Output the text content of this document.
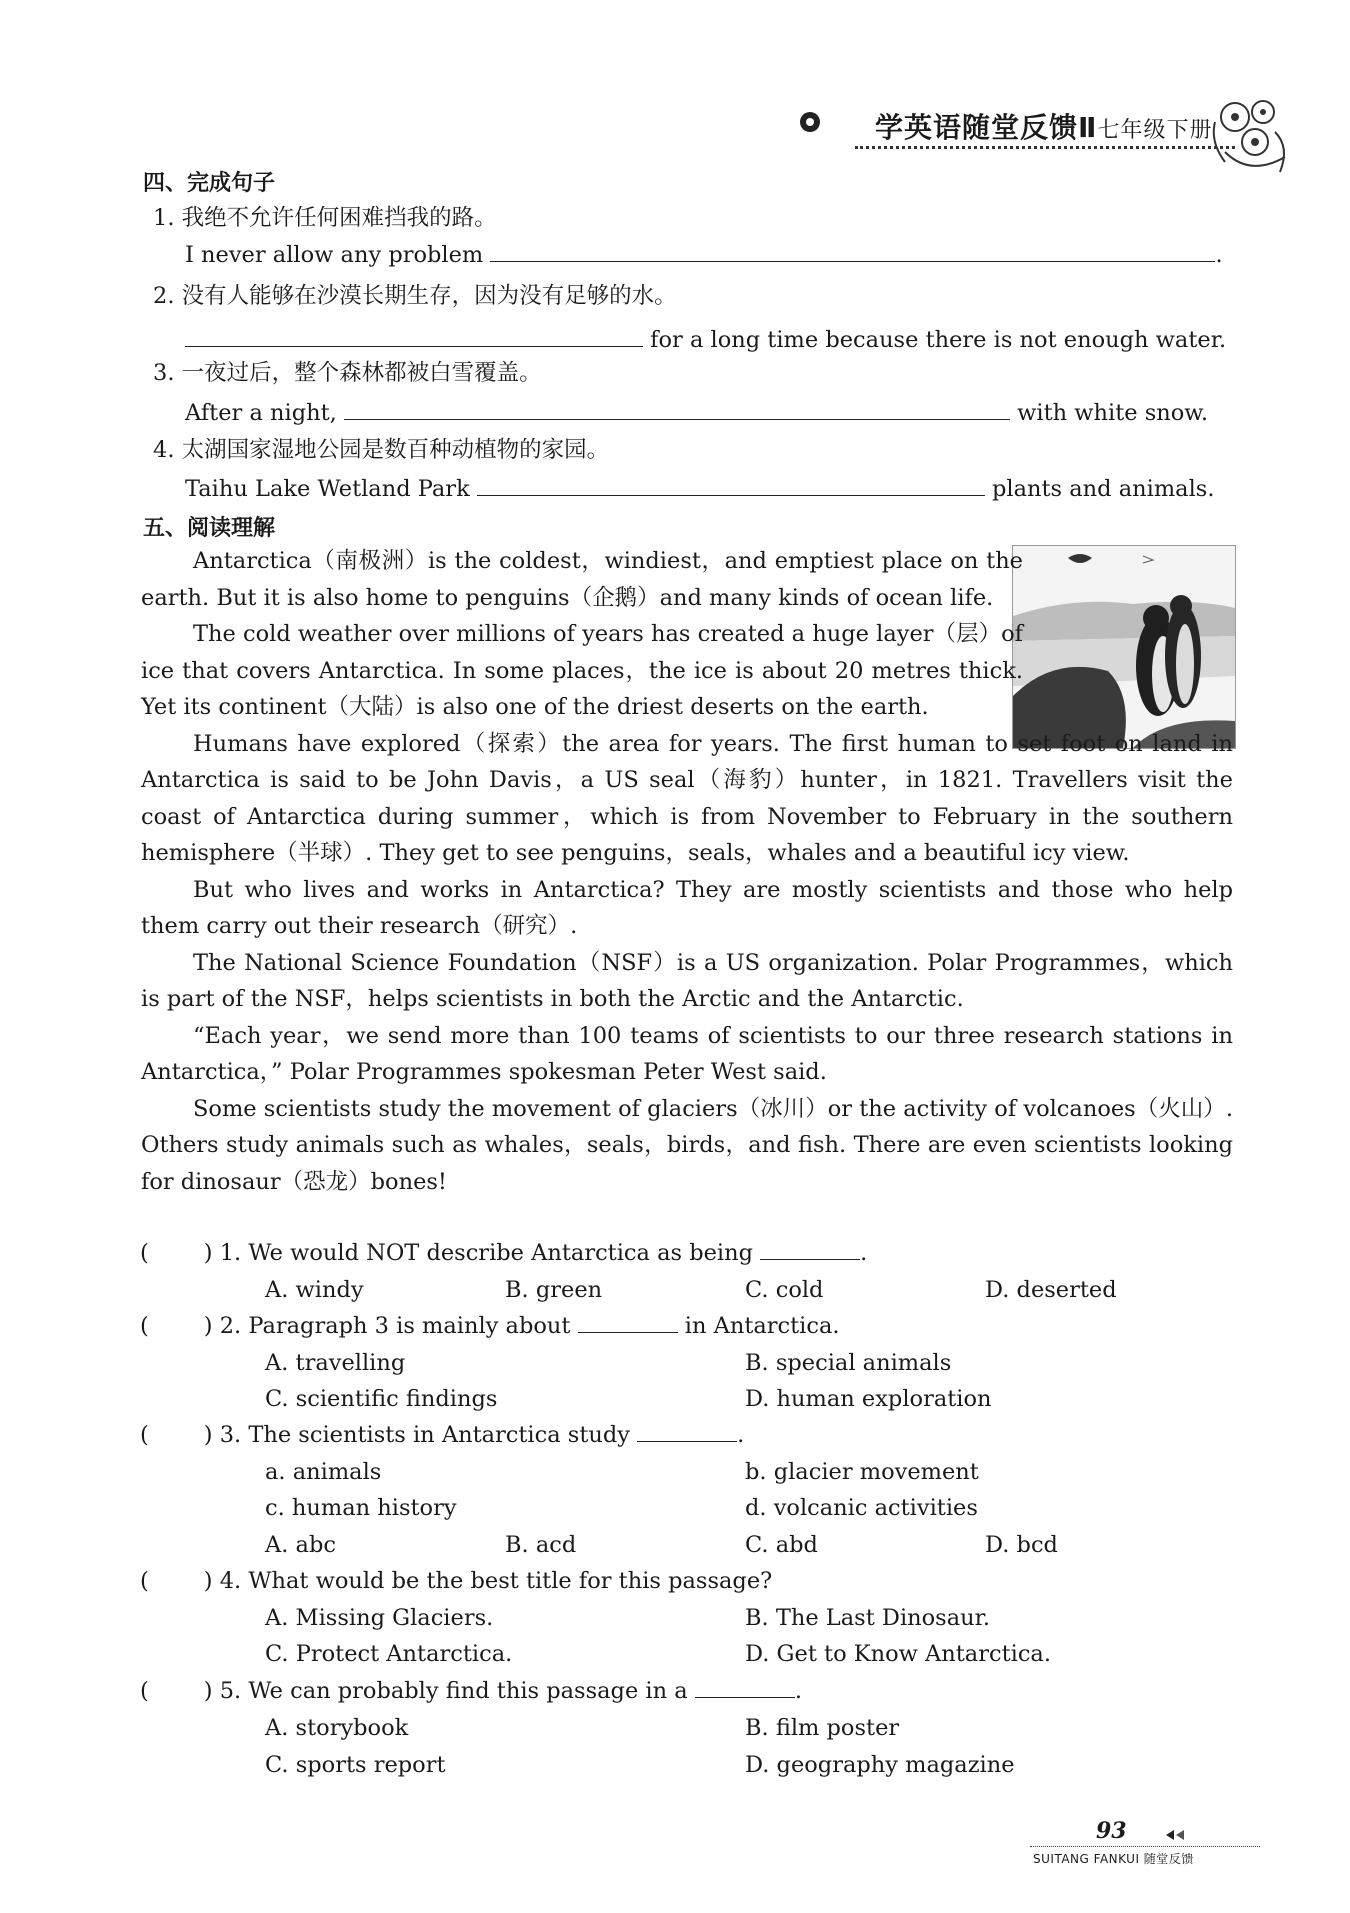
学英语随堂反馈Ⅱ七年级下册
四、完成句子
1. 我绝不允许任何困难挡我的路。
I never allow any problem	.
2. 没有人能够在沙漠长期生存，因为没有足够的水。
for a long time because there is not enough water.
3. 一夜过后，整个森林都被白雪覆盖。
After a night,	with white snow.
4. 太湖国家湿地公园是数百种动植物的家园。
Taihu Lake Wetland Park	plants and animals.
五、阅读理解

Antarctica（南极洲）is the coldest，windiest，and emptiest place on the earth. But it is also home to penguins（企鹅）and many kinds of ocean life.

The cold weather over millions of years has created a huge layer（层）of ice that covers Antarctica. In some places，the ice is about 20 metres thick. Yet its continent（大陆）is also one of the driest deserts on the earth.

Humans have explored（探索）the area for years. The first human to set foot on land in Antarctica is said to be John Davis，a US seal（海豹）hunter，in 1821. Travellers visit the coast of Antarctica during summer，which is from November to February in the southern hemisphere（半球）. They get to see penguins，seals，whales and a beautiful icy view.

But who lives and works in Antarctica? They are mostly scientists and those who help them carry out their research（研究）.

The National Science Foundation（NSF）is a US organization. Polar Programmes，which is part of the NSF，helps scientists in both the Arctic and the Antarctic.

“Each year，we send more than 100 teams of scientists to our three research stations in Antarctica，” Polar Programmes spokesman Peter West said.

Some scientists study the movement of glaciers（冰川）or the activity of volcanoes（火山）. Others study animals such as whales，seals，birds，and fish. There are even scientists looking for dinosaur（恐龙）bones!

( ) 1. We would NOT describe Antarctica as being	.
A. windy	B. green	C. cold	D. deserted
( ) 2. Paragraph 3 is mainly about	in Antarctica.
A. travelling	B. special animals
C. scientific findings	D. human exploration
( ) 3. The scientists in Antarctica study	.
a. animals	b. glacier movement
c. human history	d. volcanic activities
A. abc	B. acd	C. abd	D. bcd
( ) 4. What would be the best title for this passage?
A. Missing Glaciers.	B. The Last Dinosaur.
C. Protect Antarctica.	D. Get to Know Antarctica.
( ) 5. We can probably find this passage in a	.
A. storybook	B. film poster
C. sports report	D. geography magazine
93
SUITANG FANKUI 随堂反馈
